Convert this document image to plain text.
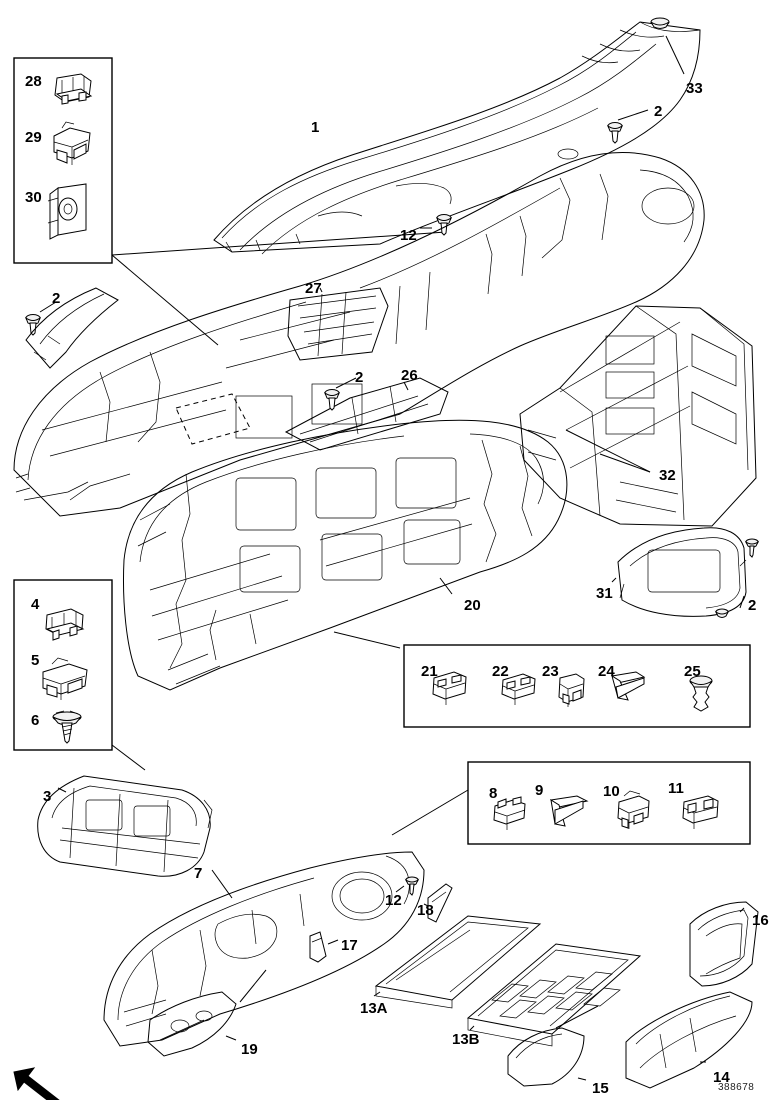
28
29
30
1
2
33
12
2
27
2	26
32
31
2
20
4
5
6
21	22 23	24	25
3	8	9	10	11
7
12
18
17
16
13A
13B
19
15
14
388678
